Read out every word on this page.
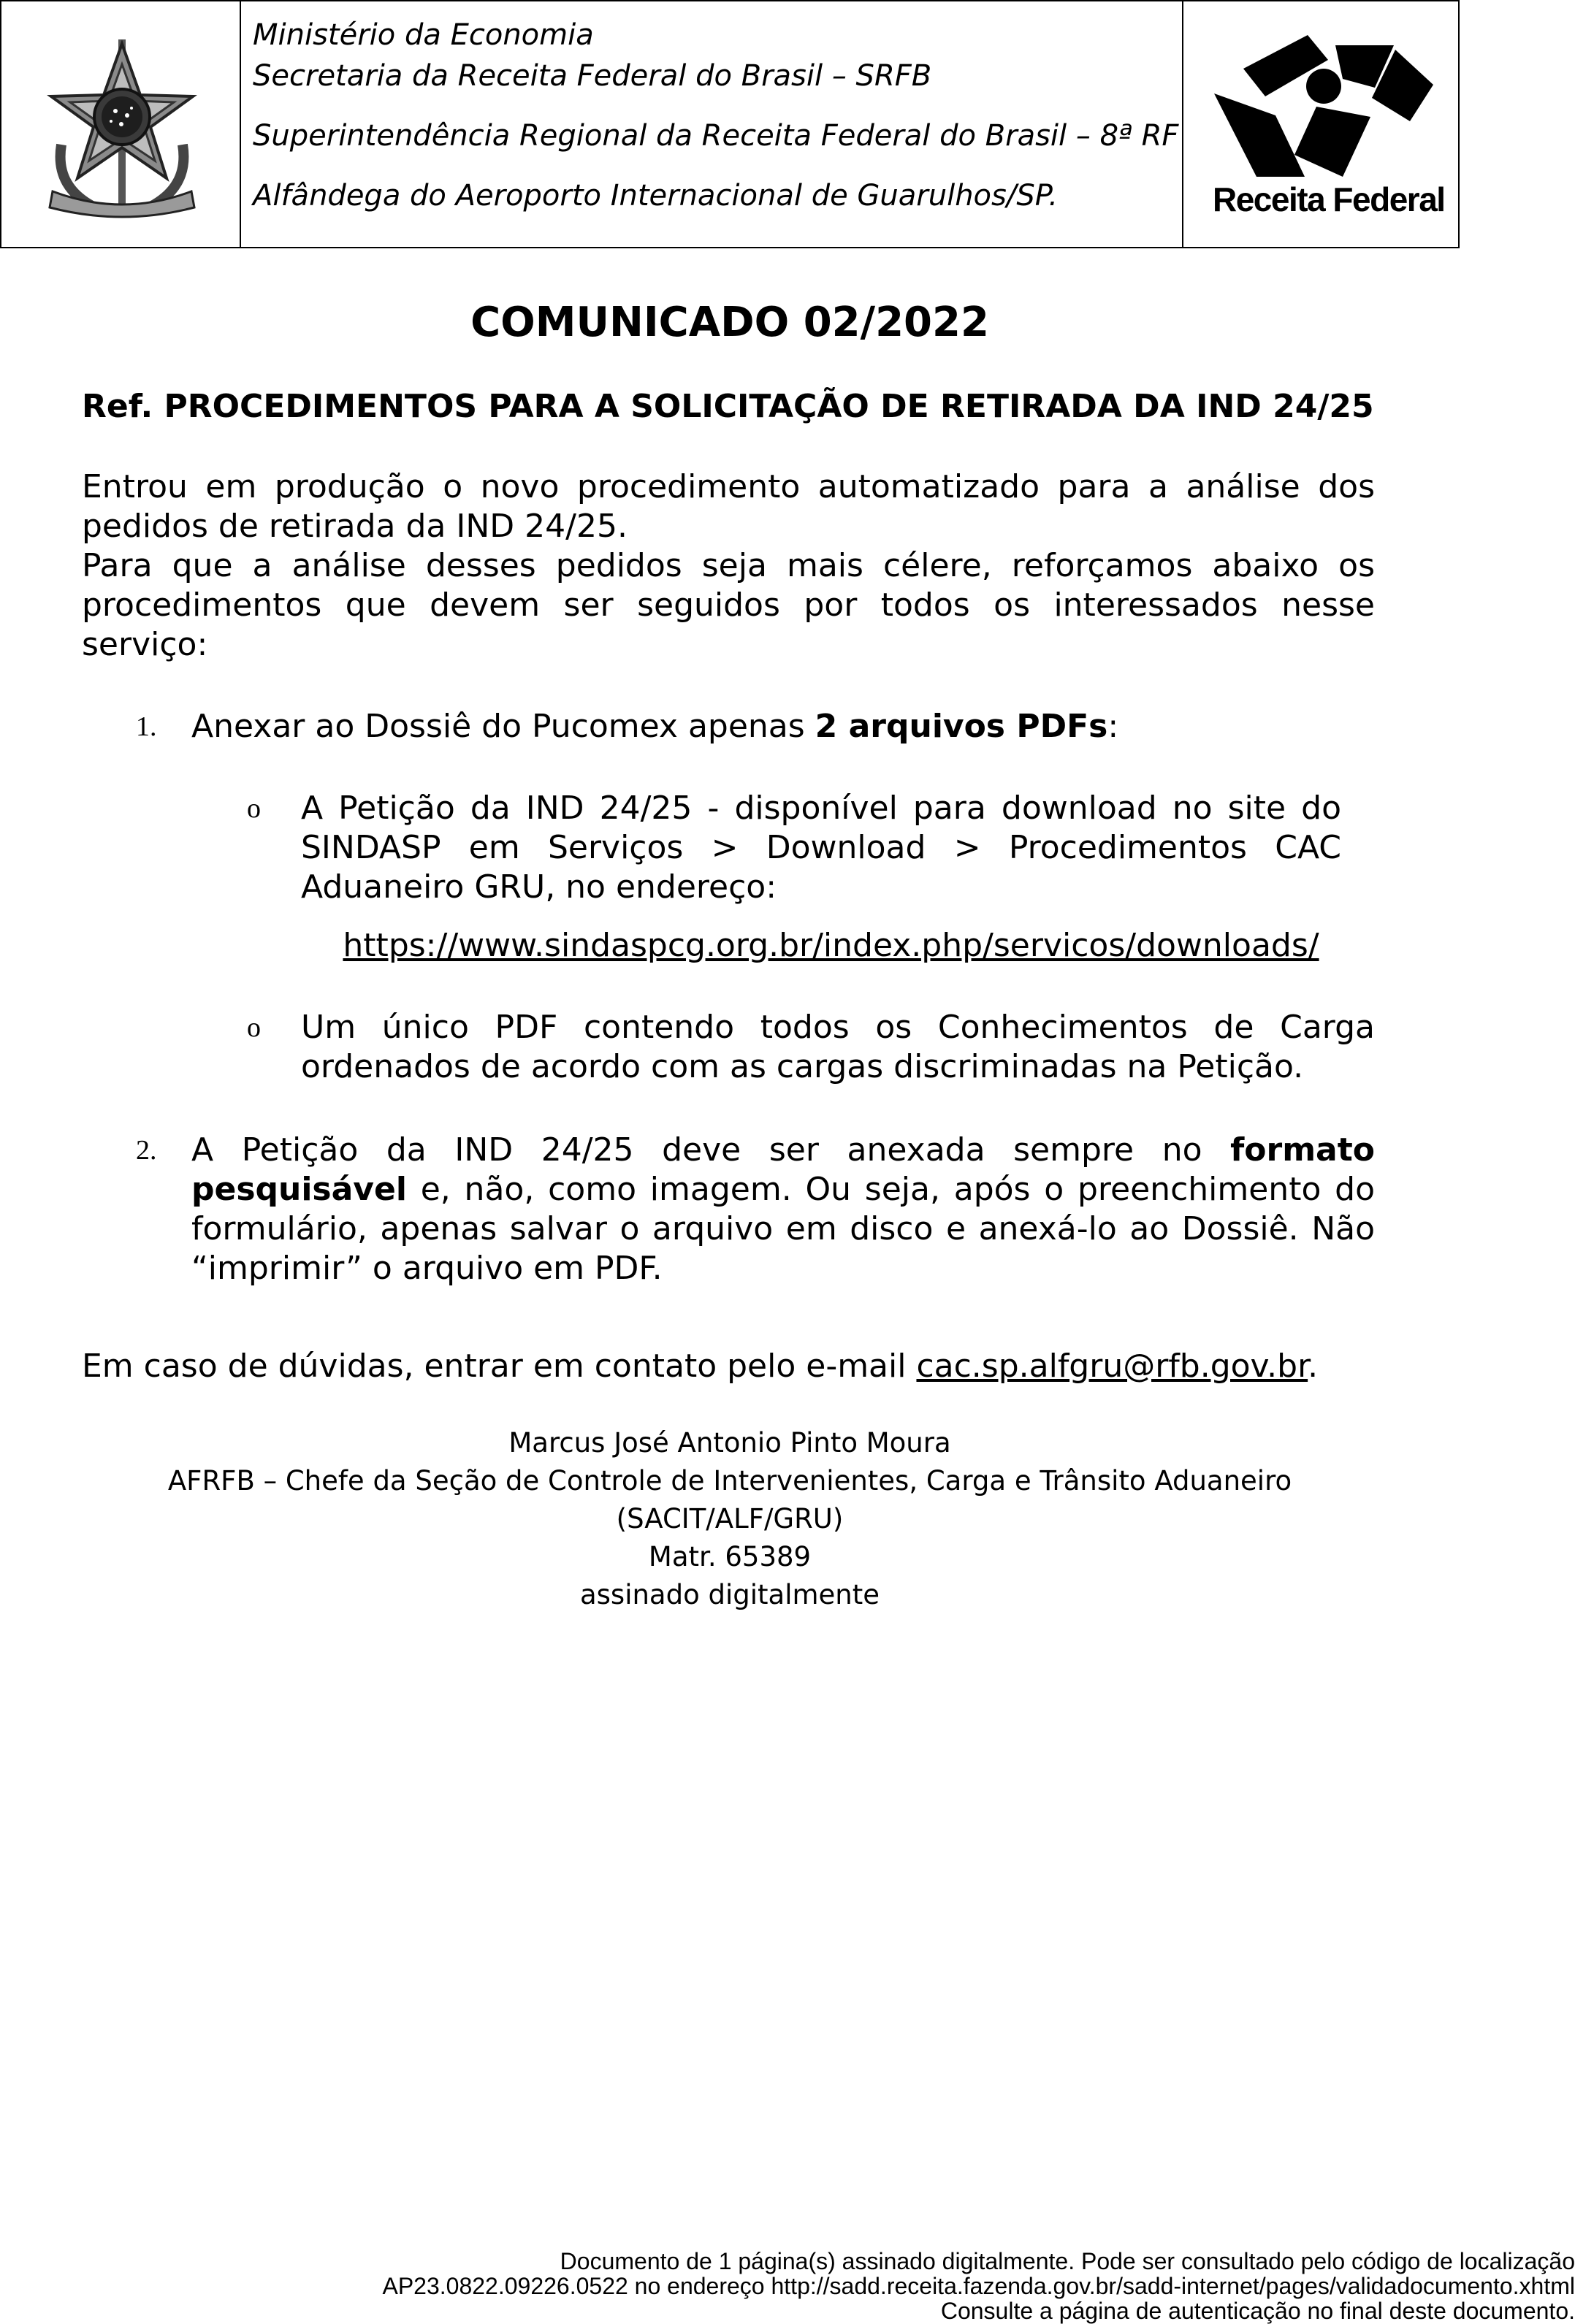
Ministério da Economia
Secretaria da Receita Federal do Brasil – SRFB
Superintendência Regional da Receita Federal do Brasil – 8ª RF
Alfândega do Aeroporto Internacional de Guarulhos/SP.	Receita Federal
COMUNICADO 02/2022
Ref. PROCEDIMENTOS PARA A SOLICITAÇÃO DE RETIRADA DA IND 24/25
Entrou em produção o novo procedimento automatizado para a análise dos pedidos de retirada da IND 24/25.
Para que a análise desses pedidos seja mais célere, reforçamos abaixo os procedimentos que devem ser seguidos por todos os interessados nesse serviço:
1. Anexar ao Dossiê do Pucomex apenas 2 arquivos PDFs:
o A Petição da IND 24/25 - disponível para download no site do SINDASP em Serviços > Download > Procedimentos CAC Aduaneiro GRU, no endereço:
https://www.sindaspcg.org.br/index.php/servicos/downloads/
o Um único PDF contendo todos os Conhecimentos de Carga ordenados de acordo com as cargas discriminadas na Petição.
2. A Petição da IND 24/25 deve ser anexada sempre no formato pesquisável e, não, como imagem. Ou seja, após o preenchimento do formulário, apenas salvar o arquivo em disco e anexá-lo ao Dossiê. Não “imprimir” o arquivo em PDF.
Em caso de dúvidas, entrar em contato pelo e-mail cac.sp.alfgru@rfb.gov.br.
Marcus José Antonio Pinto Moura
AFRFB – Chefe da Seção de Controle de Intervenientes, Carga e Trânsito Aduaneiro
(SACIT/ALF/GRU)
Matr. 65389
assinado digitalmente
Documento de 1 página(s) assinado digitalmente. Pode ser consultado pelo código de localização
AP23.0822.09226.0522 no endereço http://sadd.receita.fazenda.gov.br/sadd-internet/pages/validadocumento.xhtml
Consulte a página de autenticação no final deste documento.
